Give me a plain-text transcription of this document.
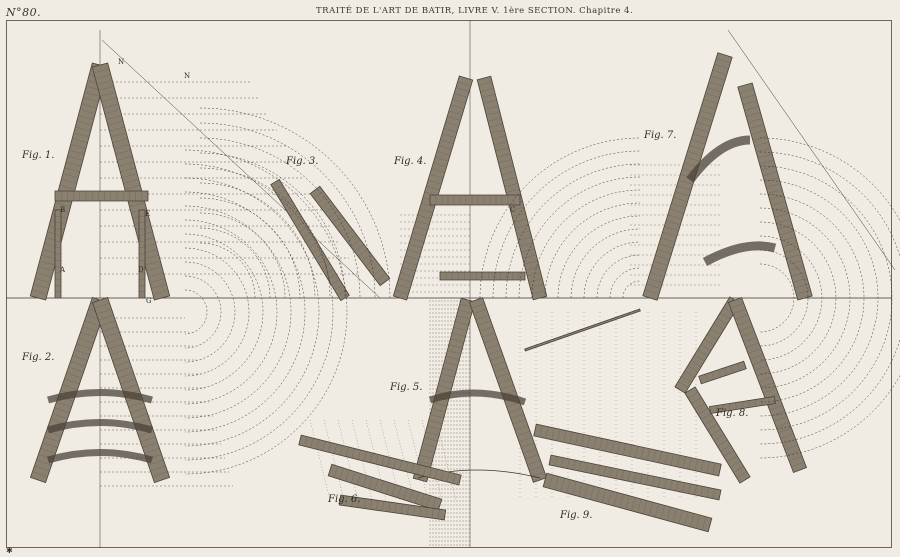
N°80.	TRAITÉ DE L'ART DE BATIR, LIVRE V. 1ère SECTION. Chapitre 4.
Fig. 1.
Fig. 2.
Fig. 3.	Fig. 4.
Fig. 5.
Fig. 6.
Fig. 7.
Fig. 8.
Fig. 9.
N
N
B	E
A	D
G
C
✱
